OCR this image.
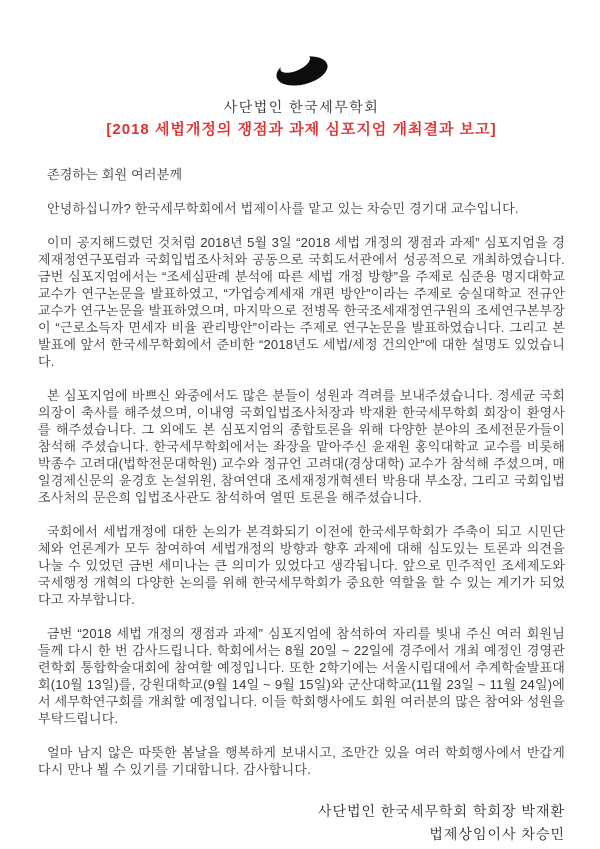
사단법인 한국세무학회
[2018 세법개정의 쟁점과 과제 심포지엄 개최결과 보고]

존경하는 회원 여러분께

안녕하십니까? 한국세무학회에서 법제이사를 맡고 있는 차승민 경기대 교수입니다.

이미 공지해드렸던 것처럼 2018년 5월 3일 “2018 세법 개정의 쟁점과 과제” 심포지엄을 경제재정연구포럼과 국회입법조사처와 공동으로 국회도서관에서 성공적으로 개최하였습니다. 금번 심포지엄에서는 “조세심판례 분석에 따른 세법 개정 방향”을 주제로 심준용 명지대학교 교수가 연구논문을 발표하였고, “가업승계세재 개편 방안”이라는 주제로 숭실대학교 전규안 교수가 연구논문을 발표하였으며, 마지막으로 전병목 한국조세재정연구원의 조세연구본부장이 “근로소득자 면세자 비율 관리방안”이라는 주제로 연구논문을 발표하였습니다. 그리고 본 발표에 앞서 한국세무학회에서 준비한 “2018년도 세법/세정 건의안”에 대한 설명도 있었습니다.

본 심포지엄에 바쁘신 와중에서도 많은 분들이 성원과 격려를 보내주셨습니다. 정세균 국회의장이 축사를 해주셨으며, 이내영 국회입법조사처장과 박재환 한국세무학회 회장이 환영사를 해주셨습니다. 그 외에도 본 심포지엄의 종합토론을 위해 다양한 분야의 조세전문가들이 참석해 주셨습니다. 한국세무학회에서는 좌장을 맡아주신 윤재원 홍익대학교 교수를 비롯해 박종수 고려대(법학전문대학원) 교수와 정규언 고려대(경상대학) 교수가 참석해 주셨으며, 매일경제신문의 윤경호 논설위원, 참여연대 조세재정개혁센터 박용대 부소장, 그리고 국회입법조사처의 문은희 입법조사관도 참석하여 열띤 토론을 해주셨습니다.

국회에서 세법개정에 대한 논의가 본격화되기 이전에 한국세무학회가 주축이 되고 시민단체와 언론계가 모두 참여하여 세법개정의 방향과 향후 과제에 대해 심도있는 토론과 의견을 나눌 수 있었던 금번 세미나는 큰 의미가 있었다고 생각됩니다. 앞으로 민주적인 조세제도와 국세행정 개혁의 다양한 논의를 위해 한국세무학회가 중요한 역할을 할 수 있는 계기가 되었다고 자부합니다.

금번 “2018 세법 개정의 쟁점과 과제” 심포지엄에 참석하여 자리를 빛내 주신 여러 회원님들께 다시 한 번 감사드립니다. 학회에서는 8월 20일 ~ 22일에 경주에서 개최 예정인 경영관련학회 통합학술대회에 참여할 예정입니다. 또한 2학기에는 서울시립대에서 추계학술발표대회(10월 13일)를, 강원대학교(9월 14일 ~ 9월 15일)와 군산대학교(11월 23일 ~ 11월 24일)에서 세무학연구회를 개최할 예정입니다. 이들 학회행사에도 회원 여러분의 많은 참여와 성원을 부탁드립니다.

얼마 남지 않은 따뜻한 봄날을 행복하게 보내시고, 조만간 있을 여러 학회행사에서 반갑게 다시 만나 뵐 수 있기를 기대합니다. 감사합니다.

사단법인 한국세무학회 학회장 박재환
법제상임이사 차승민
